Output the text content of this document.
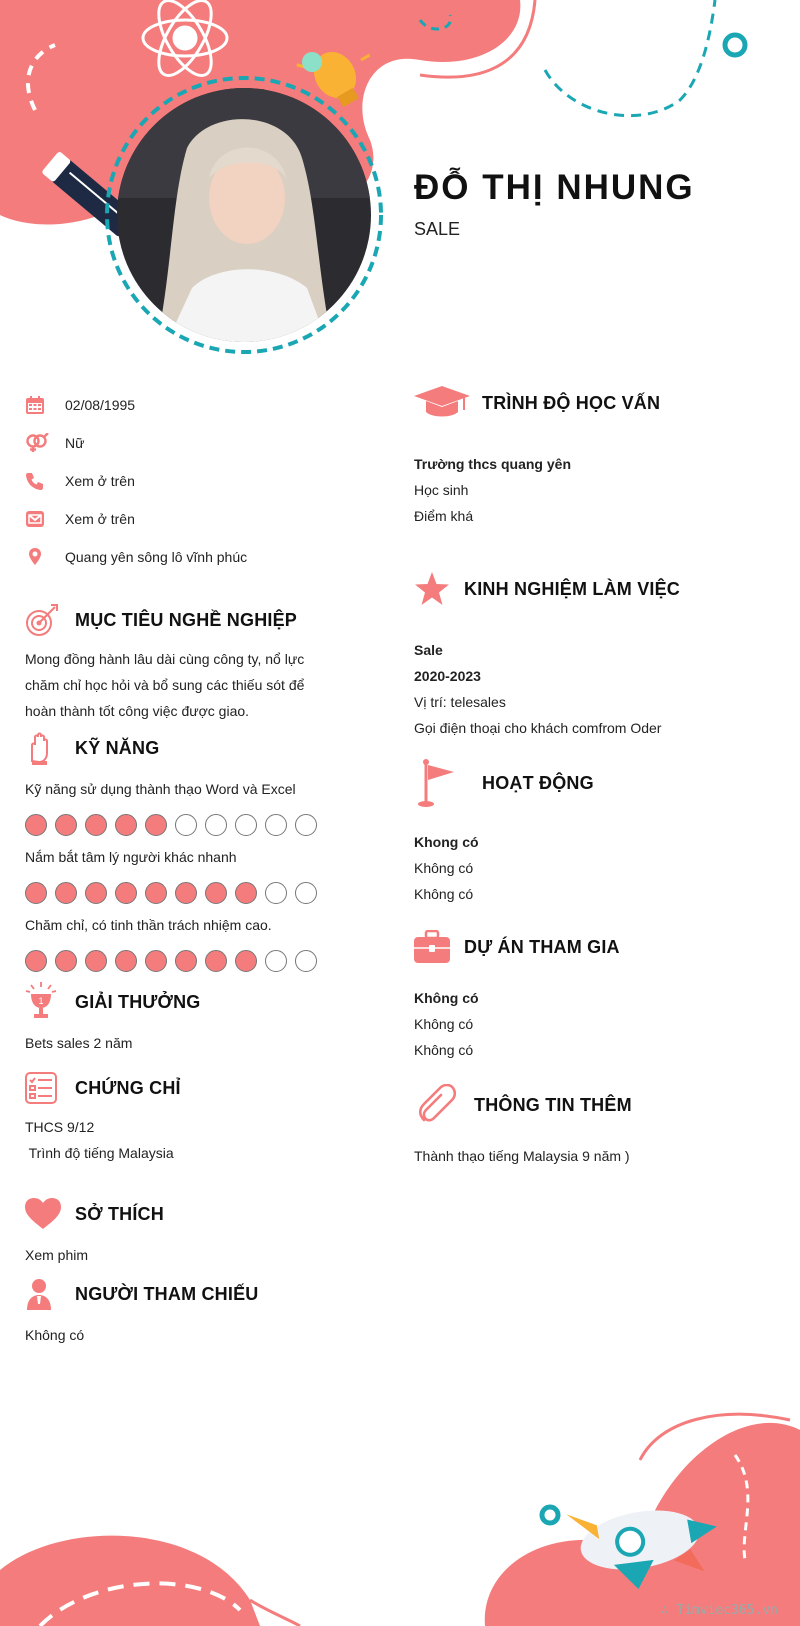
ĐỖ THỊ NHUNG
SALE
02/08/1995
Nữ
Xem ở trên
Xem ở trên
Quang yên sông lô vĩnh phúc
MỤC TIÊU NGHỀ NGHIỆP

Mong đồng hành lâu dài cùng công ty, nổ lực chăm chỉ học hỏi và bổ sung các thiếu sót để hoàn thành tốt công việc được giao.

KỸ NĂNG
Kỹ năng sử dụng thành thạo Word và Excel
Nắm bắt tâm lý người khác nhanh
Chăm chỉ, có tinh thần trách nhiệm cao.
1 GIẢI THƯỞNG
Bets sales 2 năm
CHỨNG CHỈ
THCS 9/12
Trình độ tiếng Malaysia
SỞ THÍCH
Xem phim
NGƯỜI THAM CHIẾU
Không có
TRÌNH ĐỘ HỌC VẤN
Trường thcs quang yên
Học sinh
Điểm khá
KINH NGHIỆM LÀM VIỆC
Sale
2020-2023
Vị trí: telesales
Gọi điện thoại cho khách comfrom Oder
HOẠT ĐỘNG
Khong có
Không có
Không có
DỰ ÁN THAM GIA
Không có
Không có
Không có
THÔNG TIN THÊM
Thành thạo tiếng Malaysia 9 năm )
∴ Timviec365.vn
